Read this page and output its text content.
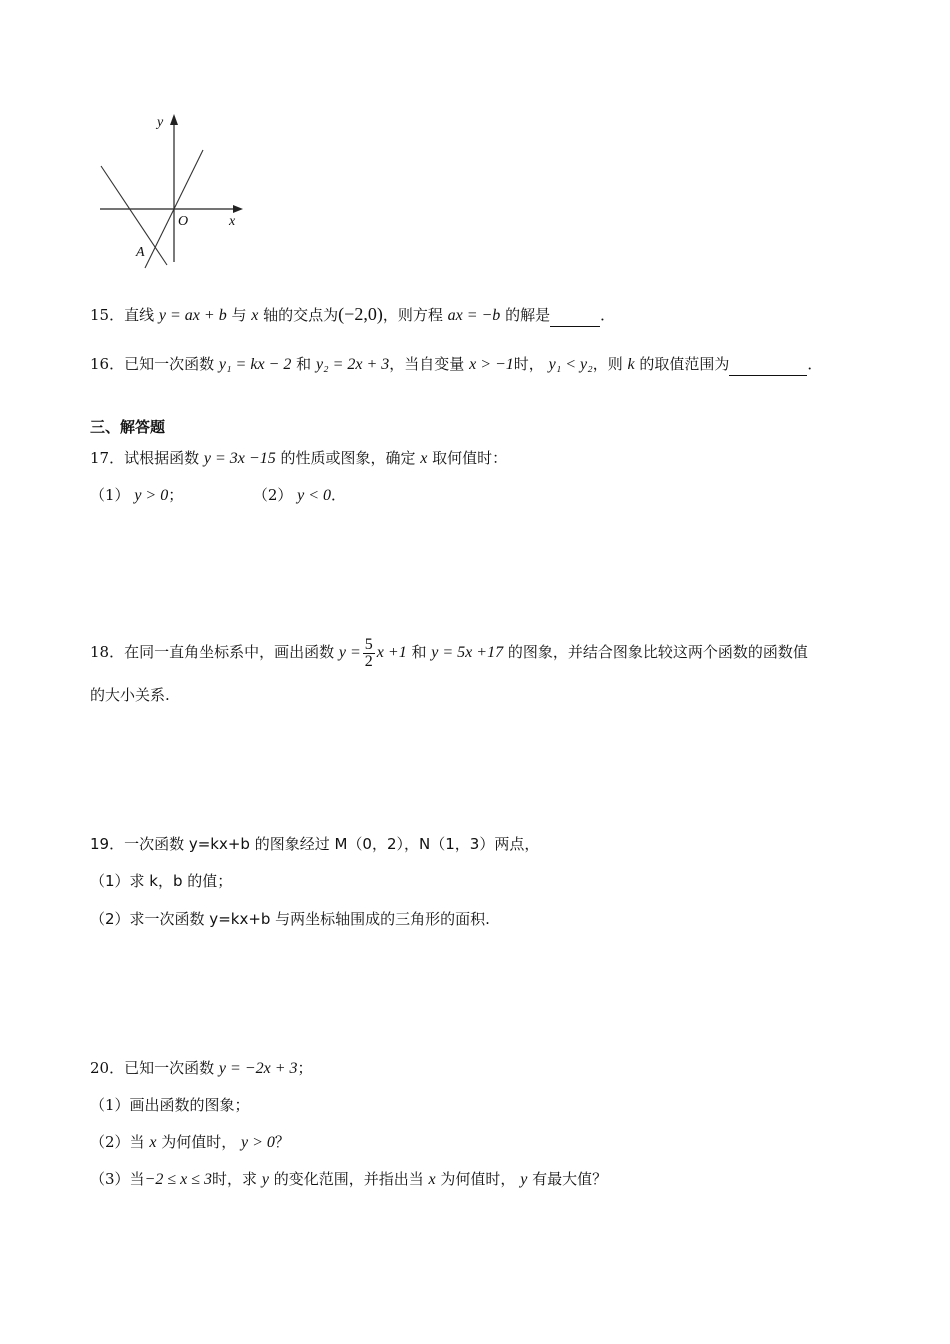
y
x
O
A
15．直线 y = ax + b 与 x 轴的交点为(−2,0)，则方程 ax = −b 的解是	．
16．已知一次函数 y₁ = kx − 2 和 y₂ = 2x + 3，当自变量 x > −1时， y₁ < y₂，则 k 的取值范围为	．
三、解答题
17．试根据函数 y = 3x −15 的性质或图象，确定 x 取何值时：
（1） y > 0；	（2） y < 0．
18．在同一直角坐标系中，画出函数 $y = \frac{5}{2}$ x +1 和 y = 5x +17 的图象，并结合图象比较这两个函数的函数值
的大小关系.
19．一次函数 y=kx+b 的图象经过 M（0，2），N（1，3）两点，
（1）求 k，b 的值；
（2）求一次函数 y=kx+b 与两坐标轴围成的三角形的面积.
20．已知一次函数 y = −2x + 3；
（1）画出函数的图象；
（2）当 x 为何值时， y > 0？
（3）当−2 ≤ x ≤ 3时，求 y 的变化范围，并指出当 x 为何值时， y 有最大值？
